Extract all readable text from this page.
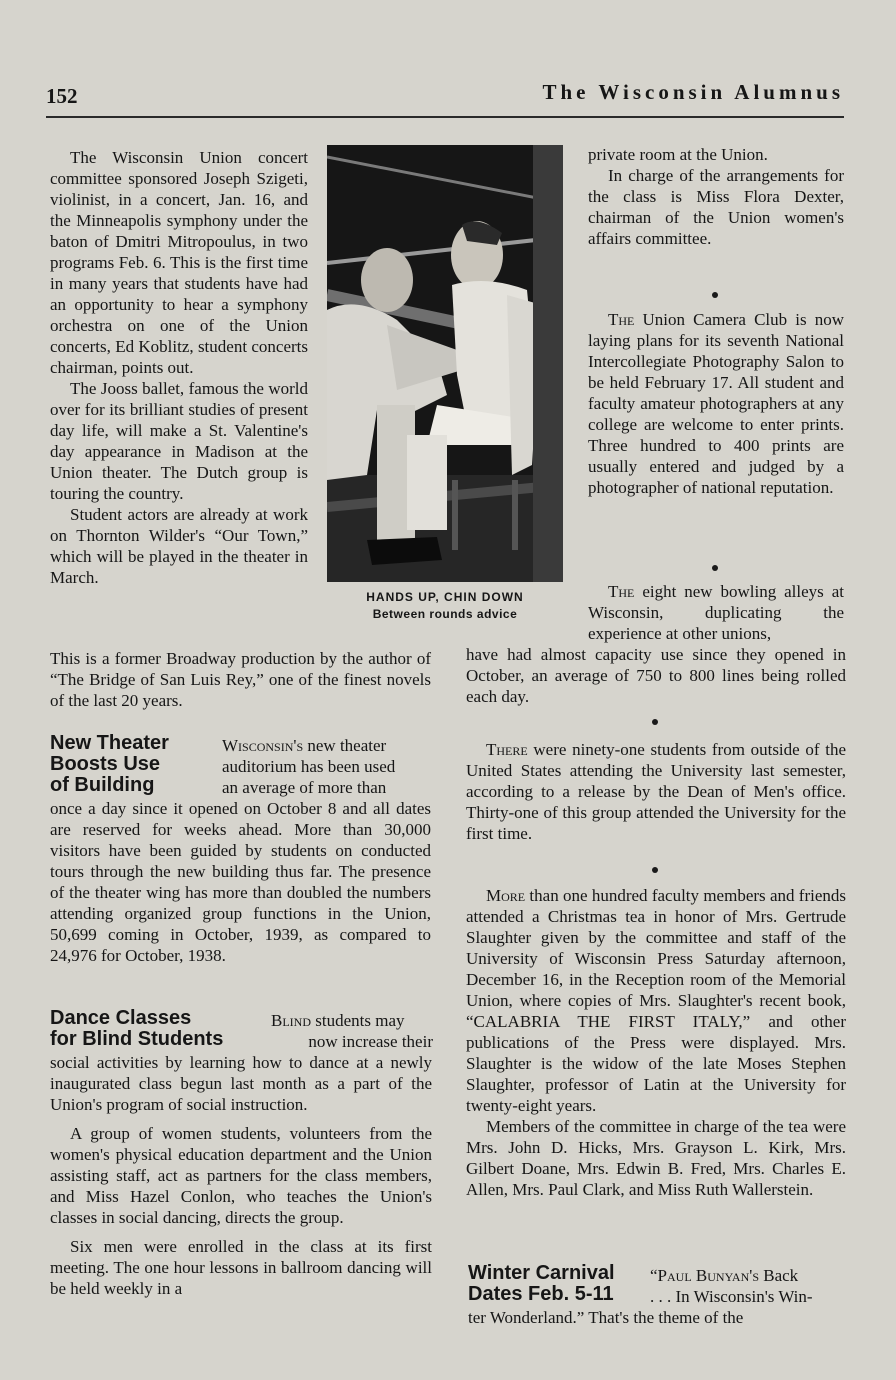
152	The Wisconsin Alumnus

The Wisconsin Union concert committee sponsored Joseph Szigeti, violinist, in a concert, Jan. 16, and the Minneapolis symphony under the baton of Dmitri Mitropoulus, in two programs Feb. 6. This is the first time in many years that students have had an opportunity to hear a symphony orchestra on one of the Union concerts, Ed Koblitz, student concerts chairman, points out.

The Jooss ballet, famous the world over for its brilliant studies of present day life, will make a St. Valentine's day appearance in Madison at the Union theater. The Dutch group is touring the country.

Student actors are already at work on Thornton Wilder's “Our Town,” which will be played in the theater in March.

This is a former Broadway production by the author of “The Bridge of San Luis Rey,” one of the finest novels of the last 20 years.
HANDS UP, CHIN DOWN
Between rounds advice

private room at the Union.

In charge of the arrangements for the class is Miss Flora Dexter, chairman of the Union women's affairs committee.

The Union Camera Club is now laying plans for its seventh National Intercollegiate Photography Salon to be held February 17. All student and faculty amateur photographers at any college are welcome to enter prints. Three hundred to 400 prints are usually entered and judged by a photographer of national reputation.
The eight new bowling alleys at Wisconsin, duplicating the experience at other unions,
have had almost capacity use since they opened in October, an average of 750 to 800 lines being rolled each day.
There were ninety-one students from outside of the United States attending the University last semester, according to a release by the Dean of Men's office. Thirty-one of this group attended the University for the first time.

More than one hundred faculty members and friends attended a Christmas tea in honor of Mrs. Gertrude Slaughter given by the committee and staff of the University of Wisconsin Press Saturday afternoon, December 16, in the Reception room of the Memorial Union, where copies of Mrs. Slaughter's recent book, “CALABRIA THE FIRST ITALY,” and other publications of the Press were displayed. Mrs. Slaughter is the widow of the late Moses Stephen Slaughter, professor of Latin at the University for twenty-eight years.

Members of the committee in charge of the tea were Mrs. John D. Hicks, Mrs. Grayson L. Kirk, Mrs. Gilbert Doane, Mrs. Edwin B. Fred, Mrs. Charles E. Allen, Mrs. Paul Clark, and Miss Ruth Wallerstein.

New Theater
Boosts Use
of Building
Wisconsin's new theater
auditorium has been used
an average of more than
once a day since it opened on October 8 and all dates are reserved for weeks ahead. More than 30,000 visitors have been guided by students on conducted tours through the new building thus far. The presence of the theater wing has more than doubled the numbers attending organized group functions in the Union, 50,699 coming in October, 1939, as compared to 24,976 for October, 1938.
Dance Classes
for Blind Students
Blind students may
now increase their

social activities by learning how to dance at a newly inaugurated class begun last month as a part of the Union's program of social instruction.

A group of women students, volunteers from the women's physical education department and the Union assisting staff, act as partners for the class members, and Miss Hazel Conlon, who teaches the Union's classes in social dancing, directs the group.

Six men were enrolled in the class at its first meeting. The one hour lessons in ballroom dancing will be held weekly in a

Winter Carnival
Dates Feb. 5-11
“Paul Bunyan's Back
. . . In Wisconsin's Win-
ter Wonderland.” That's the theme of the
